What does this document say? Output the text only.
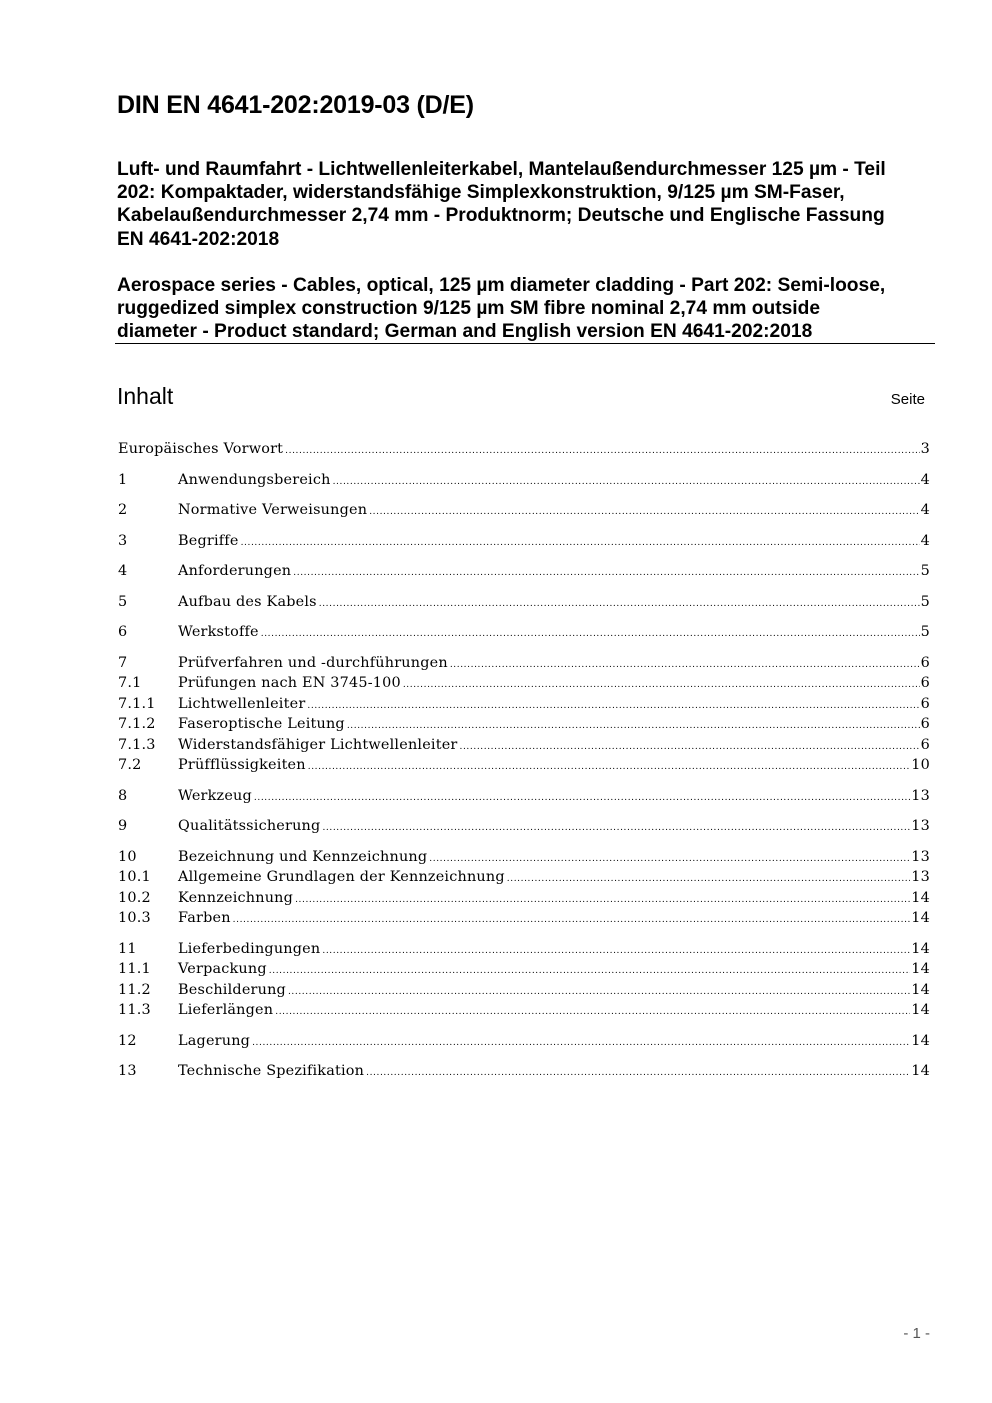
DIN EN 4641-202:2019-03 (D/E)
Luft- und Raumfahrt - Lichtwellenleiterkabel, Mantelaußendurchmesser 125 µm - Teil
202: Kompaktader, widerstandsfähige Simplexkonstruktion, 9/125 µm SM-Faser,
Kabelaußendurchmesser 2,74 mm - Produktnorm; Deutsche und Englische Fassung
EN 4641-202:2018
Aerospace series - Cables, optical, 125 µm diameter cladding - Part 202: Semi-loose,
ruggedized simplex construction 9/125 µm SM fibre nominal 2,74 mm outside
diameter - Product standard; German and English version EN 4641-202:2018
Inhalt	Seite
Europäisches Vorwort .....	3
1	Anwendungsbereich .....	4
2	Normative Verweisungen .....	4
3	Begriffe .....	4
4	Anforderungen .....	5
5	Aufbau des Kabels .....	5
6	Werkstoffe .....	5
7	Prüfverfahren und -durchführungen .....	6
7.1	Prüfungen nach EN 3745-100 .....	6
7.1.1	Lichtwellenleiter .....	6
7.1.2	Faseroptische Leitung .....	6
7.1.3	Widerstandsfähiger Lichtwellenleiter .....	6
7.2	Prüfflüssigkeiten .....	10
8	Werkzeug .....	13
9	Qualitätssicherung .....	13
10	Bezeichnung und Kennzeichnung .....	13
10.1	Allgemeine Grundlagen der Kennzeichnung .....	13
10.2	Kennzeichnung .....	14
10.3	Farben .....	14
11	Lieferbedingungen .....	14
11.1	Verpackung .....	14
11.2	Beschilderung .....	14
11.3	Lieferlängen .....	14
12	Lagerung .....	14
13	Technische Spezifikation .....	14
- 1 -
